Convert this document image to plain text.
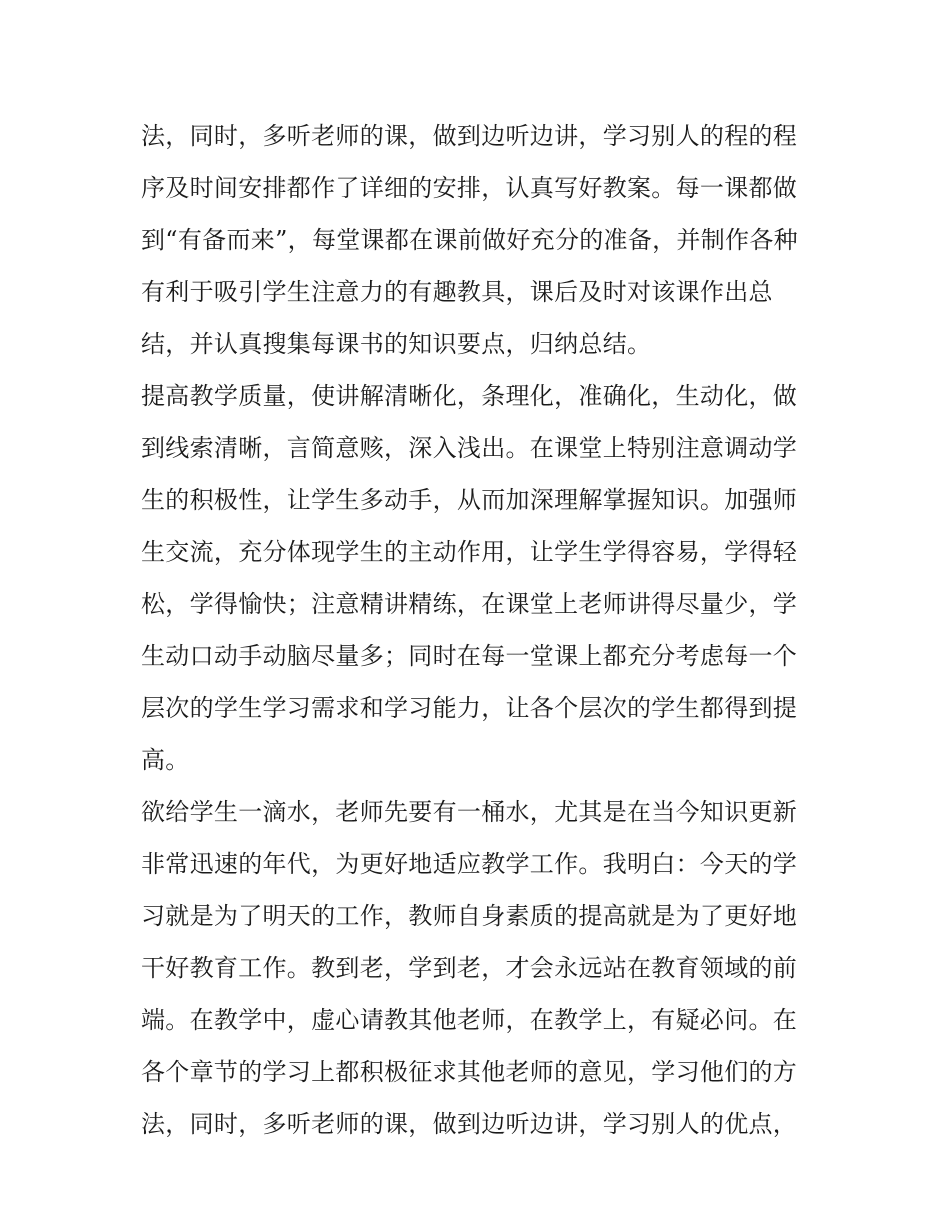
法，同时，多听老师的课，做到边听边讲，学习别人的程的程
序及时间安排都作了详细的安排，认真写好教案。每一课都做
到“有备而来”，每堂课都在课前做好充分的准备，并制作各种
有利于吸引学生注意力的有趣教具，课后及时对该课作出总
结，并认真搜集每课书的知识要点，归纳总结。
提高教学质量，使讲解清晰化，条理化，准确化，生动化，做
到线索清晰，言简意赅，深入浅出。在课堂上特别注意调动学
生的积极性，让学生多动手，从而加深理解掌握知识。加强师
生交流，充分体现学生的主动作用，让学生学得容易，学得轻
松，学得愉快；注意精讲精练，在课堂上老师讲得尽量少，学
生动口动手动脑尽量多；同时在每一堂课上都充分考虑每一个
层次的学生学习需求和学习能力，让各个层次的学生都得到提
高。
欲给学生一滴水，老师先要有一桶水，尤其是在当今知识更新
非常迅速的年代，为更好地适应教学工作。我明白：今天的学
习就是为了明天的工作，教师自身素质的提高就是为了更好地
干好教育工作。教到老，学到老，才会永远站在教育领域的前
端。在教学中，虚心请教其他老师，在教学上，有疑必问。在
各个章节的学习上都积极征求其他老师的意见，学习他们的方
法，同时，多听老师的课，做到边听边讲，学习别人的优点，
